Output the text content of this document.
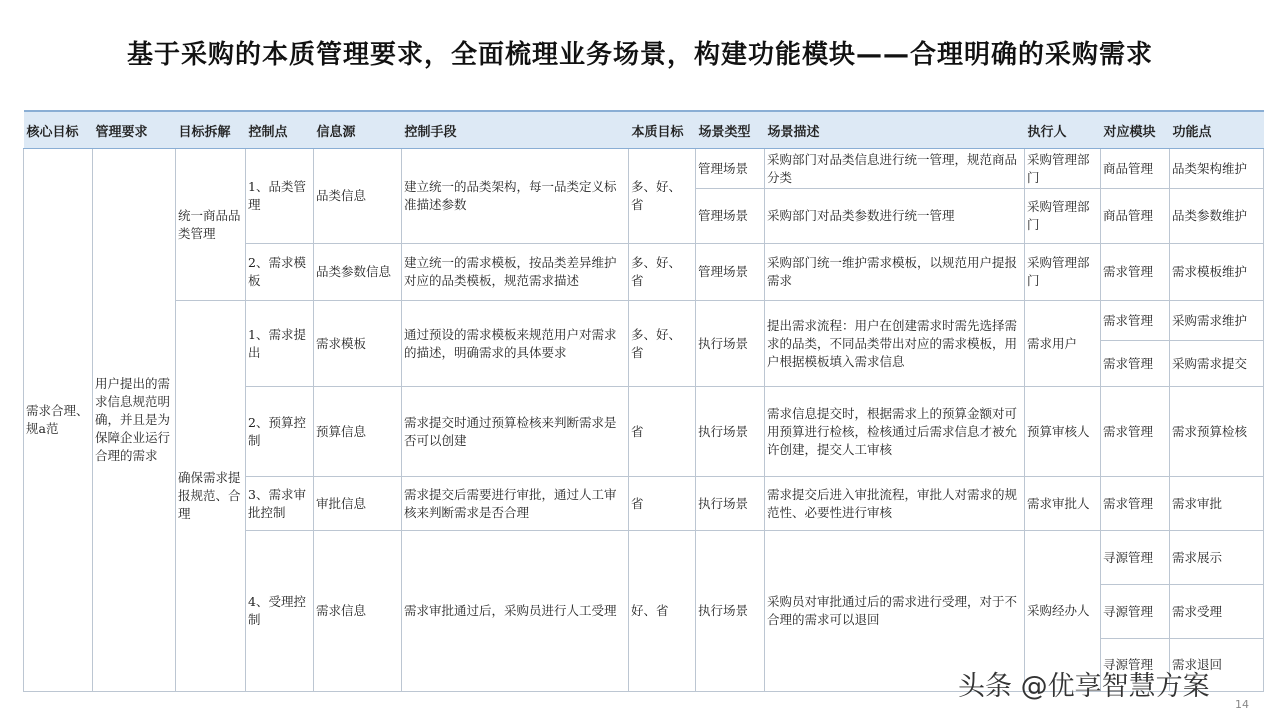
基于采购的本质管理要求，全面梳理业务场景，构建功能模块——合理明确的采购需求
核心目标	管理要求	目标拆解	控制点	信息源	控制手段	本质目标	场景类型	场景描述	执行人	对应模块	功能点
需求合理、规a范	用户提出的需求信息规范明确，并且是为保障企业运行合理的需求	统一商品品类管理	1、品类管理	品类信息	建立统一的品类架构，每一品类定义标准描述参数	多、好、省	管理场景	采购部门对品类信息进行统一管理，规范商品分类	采购管理部门	商品管理	品类架构维护
							管理场景	采购部门对品类参数进行统一管理	采购管理部门	商品管理	品类参数维护
			2、需求模板	品类参数信息	建立统一的需求模板，按品类差异维护对应的品类模板，规范需求描述	多、好、省	管理场景	采购部门统一维护需求模板，以规范用户提报需求	采购管理部门	需求管理	需求模板维护
		确保需求提报规范、合理	1、需求提出	需求模板	通过预设的需求模板来规范用户对需求的描述，明确需求的具体要求	多、好、省	执行场景	提出需求流程：用户在创建需求时需先选择需求的品类，不同品类带出对应的需求模板，用户根据模板填入需求信息	需求用户	需求管理	采购需求维护
										需求管理	采购需求提交
			2、预算控制	预算信息	需求提交时通过预算检核来判断需求是否可以创建	省	执行场景	需求信息提交时，根据需求上的预算金额对可用预算进行检核，检核通过后需求信息才被允许创建，提交人工审核	预算审核人	需求管理	需求预算检核
			3、需求审批控制	审批信息	需求提交后需要进行审批，通过人工审核来判断需求是否合理	省	执行场景	需求提交后进入审批流程，审批人对需求的规范性、必要性进行审核	需求审批人	需求管理	需求审批
			4、受理控制	需求信息	需求审批通过后，采购员进行人工受理	好、省	执行场景	采购员对审批通过后的需求进行受理，对于不合理的需求可以退回	采购经办人	寻源管理	需求展示
										寻源管理	需求受理
										寻源管理	需求退回
头条 @优享智慧方案
14
